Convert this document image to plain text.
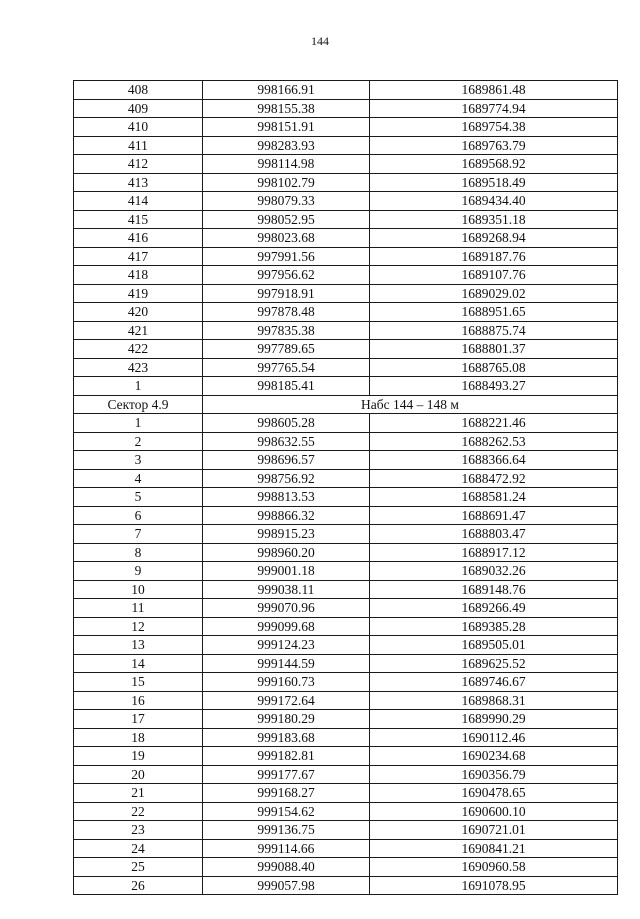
144
408	998166.91	1689861.48
409	998155.38	1689774.94
410	998151.91	1689754.38
411	998283.93	1689763.79
412	998114.98	1689568.92
413	998102.79	1689518.49
414	998079.33	1689434.40
415	998052.95	1689351.18
416	998023.68	1689268.94
417	997991.56	1689187.76
418	997956.62	1689107.76
419	997918.91	1689029.02
420	997878.48	1688951.65
421	997835.38	1688875.74
422	997789.65	1688801.37
423	997765.54	1688765.08
1	998185.41	1688493.27
Сектор 4.9	Набс 144 – 148 м	
1	998605.28	1688221.46
2	998632.55	1688262.53
3	998696.57	1688366.64
4	998756.92	1688472.92
5	998813.53	1688581.24
6	998866.32	1688691.47
7	998915.23	1688803.47
8	998960.20	1688917.12
9	999001.18	1689032.26
10	999038.11	1689148.76
11	999070.96	1689266.49
12	999099.68	1689385.28
13	999124.23	1689505.01
14	999144.59	1689625.52
15	999160.73	1689746.67
16	999172.64	1689868.31
17	999180.29	1689990.29
18	999183.68	1690112.46
19	999182.81	1690234.68
20	999177.67	1690356.79
21	999168.27	1690478.65
22	999154.62	1690600.10
23	999136.75	1690721.01
24	999114.66	1690841.21
25	999088.40	1690960.58
26	999057.98	1691078.95
